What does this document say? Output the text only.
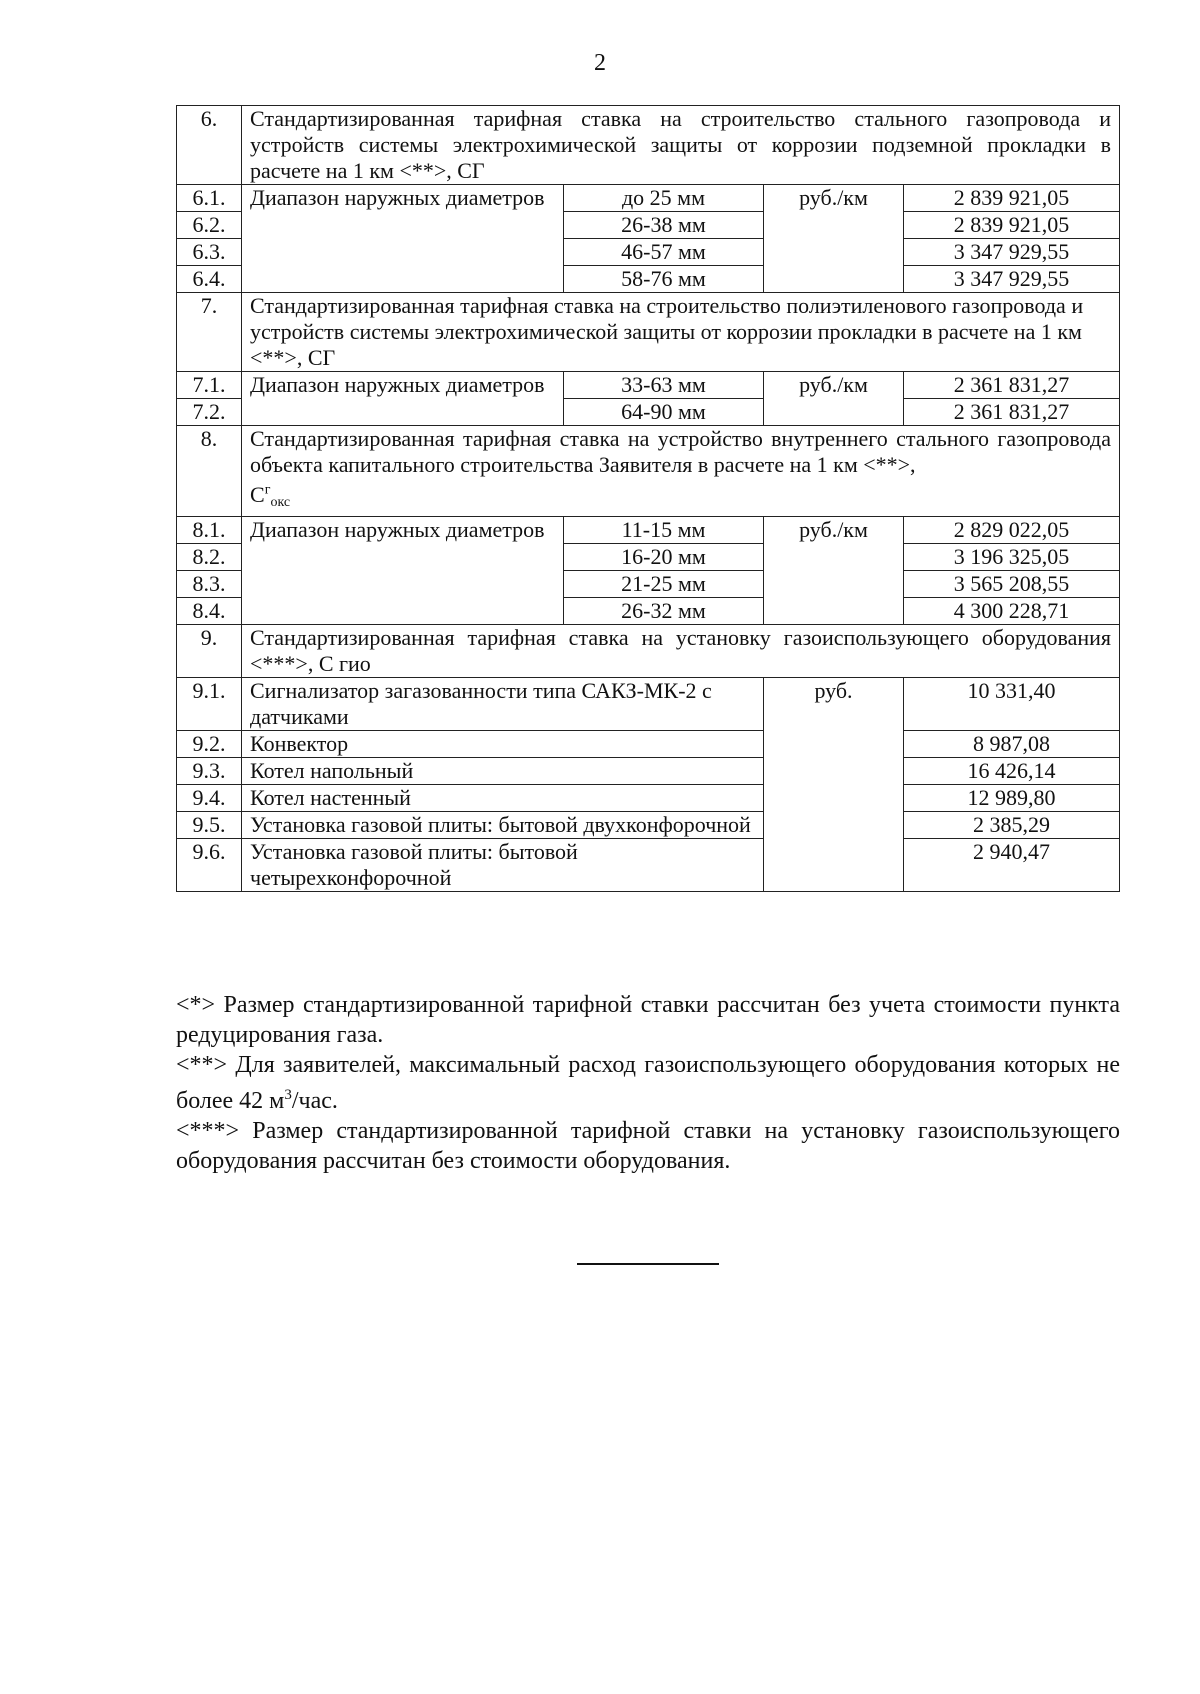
2
6.	Стандартизированная тарифная ставка на строительство стального газопровода и устройств системы электрохимической защиты от коррозии подземной прокладки в расчете на 1 км <**>, СГ			
6.1.	Диапазон наружных диаметров	до 25 мм	руб./км	2 839 921,05
6.2.		26-38 мм		2 839 921,05
6.3.		46-57 мм		3 347 929,55
6.4.		58-76 мм		3 347 929,55
7.	Стандартизированная тарифная ставка на строительство полиэтиленового газопровода и устройств системы электрохимической защиты от коррозии прокладки в расчете на 1 км <**>, СГ			
7.1.	Диапазон наружных диаметров	33-63 мм	руб./км	2 361 831,27
7.2.		64-90 мм		2 361 831,27
8.	Стандартизированная тарифная ставка на устройство внутреннего стального газопровода объекта капитального строительства Заявителя в расчете на 1 км <**>,
$С^г_{окс}$
8.1.	Диапазон наружных диаметров	11-15 мм	руб./км	2 829 022,05
8.2.		16-20 мм		3 196 325,05
8.3.		21-25 мм		3 565 208,55
8.4.		26-32 мм		4 300 228,71
9.	Стандартизированная тарифная ставка на установку газоиспользующего оборудования <***>, С гио			
9.1.	Сигнализатор загазованности типа САКЗ-МК-2 с датчиками		руб.	10 331,40
9.2.	Конвектор			8 987,08
9.3.	Котел напольный			16 426,14
9.4.	Котел настенный			12 989,80
9.5.	Установка газовой плиты: бытовой двухконфорочной			2 385,29
9.6.	Установка газовой плиты: бытовой четырехконфорочной			2 940,47

<*> Размер стандартизированной тарифной ставки рассчитан без учета стоимости пункта редуцирования газа.

<**> Для заявителей, максимальный расход газоиспользующего оборудования которых не более 42 $м^3$/час.

<***> Размер стандартизированной тарифной ставки на установку газоиспользующего оборудования рассчитан без стоимости оборудования.
